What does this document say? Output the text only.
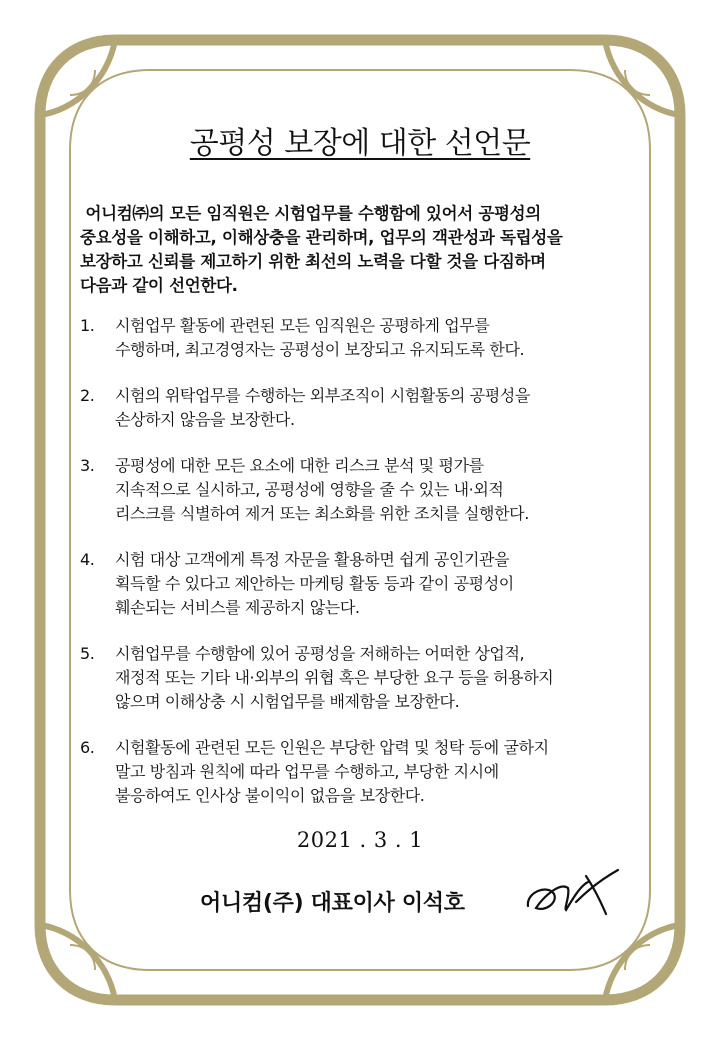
공평성 보장에 대한 선언문
어니컴㈜의 모든 임직원은 시험업무를 수행함에 있어서 공평성의
중요성을 이해하고, 이해상충을 관리하며, 업무의 객관성과 독립성을
보장하고 신뢰를 제고하기 위한 최선의 노력을 다할 것을 다짐하며
다음과 같이 선언한다.
1. 시험업무 활동에 관련된 모든 임직원은 공평하게 업무를
수행하며, 최고경영자는 공평성이 보장되고 유지되도록 한다.
2. 시험의 위탁업무를 수행하는 외부조직이 시험활동의 공평성을
손상하지 않음을 보장한다.
3. 공평성에 대한 모든 요소에 대한 리스크 분석 및 평가를
지속적으로 실시하고, 공평성에 영향을 줄 수 있는 내·외적
리스크를 식별하여 제거 또는 최소화를 위한 조치를 실행한다.
4. 시험 대상 고객에게 특정 자문을 활용하면 쉽게 공인기관을
획득할 수 있다고 제안하는 마케팅 활동 등과 같이 공평성이
훼손되는 서비스를 제공하지 않는다.
5. 시험업무를 수행함에 있어 공평성을 저해하는 어떠한 상업적,
재정적 또는 기타 내·외부의 위협 혹은 부당한 요구 등을 허용하지
않으며 이해상충 시 시험업무를 배제함을 보장한다.
6. 시험활동에 관련된 모든 인원은 부당한 압력 및 청탁 등에 굴하지
말고 방침과 원칙에 따라 업무를 수행하고, 부당한 지시에
불응하여도 인사상 불이익이 없음을 보장한다.
2021 . 3 . 1
어니컴(주) 대표이사 이석호
